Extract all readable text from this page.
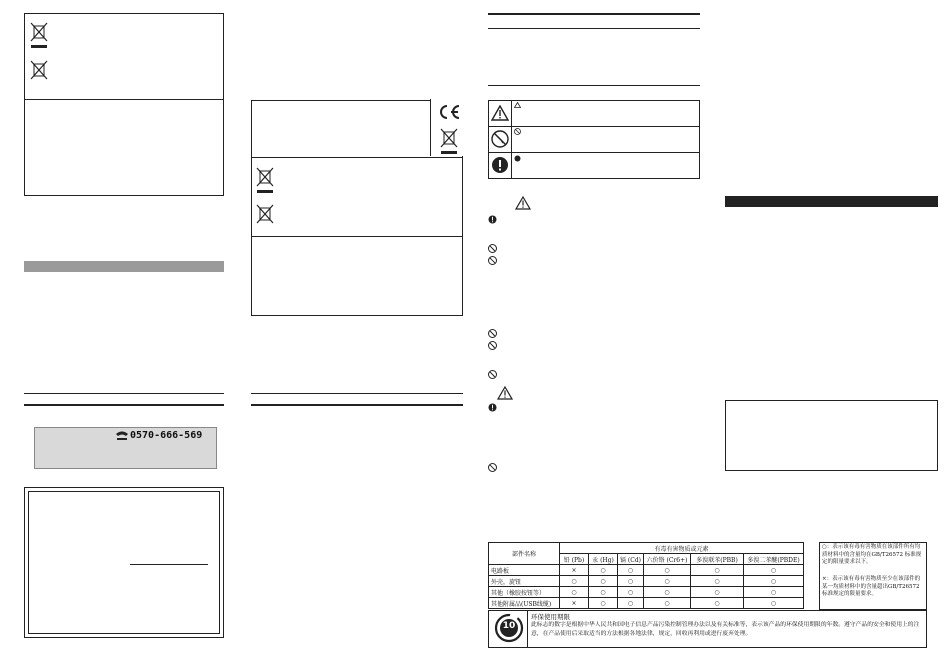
0570-666-569
部件名称	有毒有害物质或元素					
	铅 (Pb)	汞 (Hg)	镉 (Cd)	六价铬 (Cr6+)	多溴联苯(PBB)	多溴二苯醚(PBDE)
电路板	×	○	○	○	○	○
外壳，旋钮	○	○	○	○	○	○
其他（橡胶按钮等）	○	○	○	○	○	○
其他附属品(USB线缆)	×	○	○	○	○	○
○：表示该有毒有害物质在该部件所有均质材料中的含量均在GB/T26572 标准规定的限量要求以下。
×：表示该有毒有害物质至少在该部件的某一均质材料中的含量超出GB/T26572 标准规定的限量要求。
10
环保使用期限
此标志的数字是根据中华人民共和国电子信息产品污染控制管理办法以及有关标准等，表示该产品的环保使用期限的年数。遵守产品的安全和使用上的注意，在产品使用后采取适当的方法根据各地法律，规定，回收再利用或进行废弃处理。
